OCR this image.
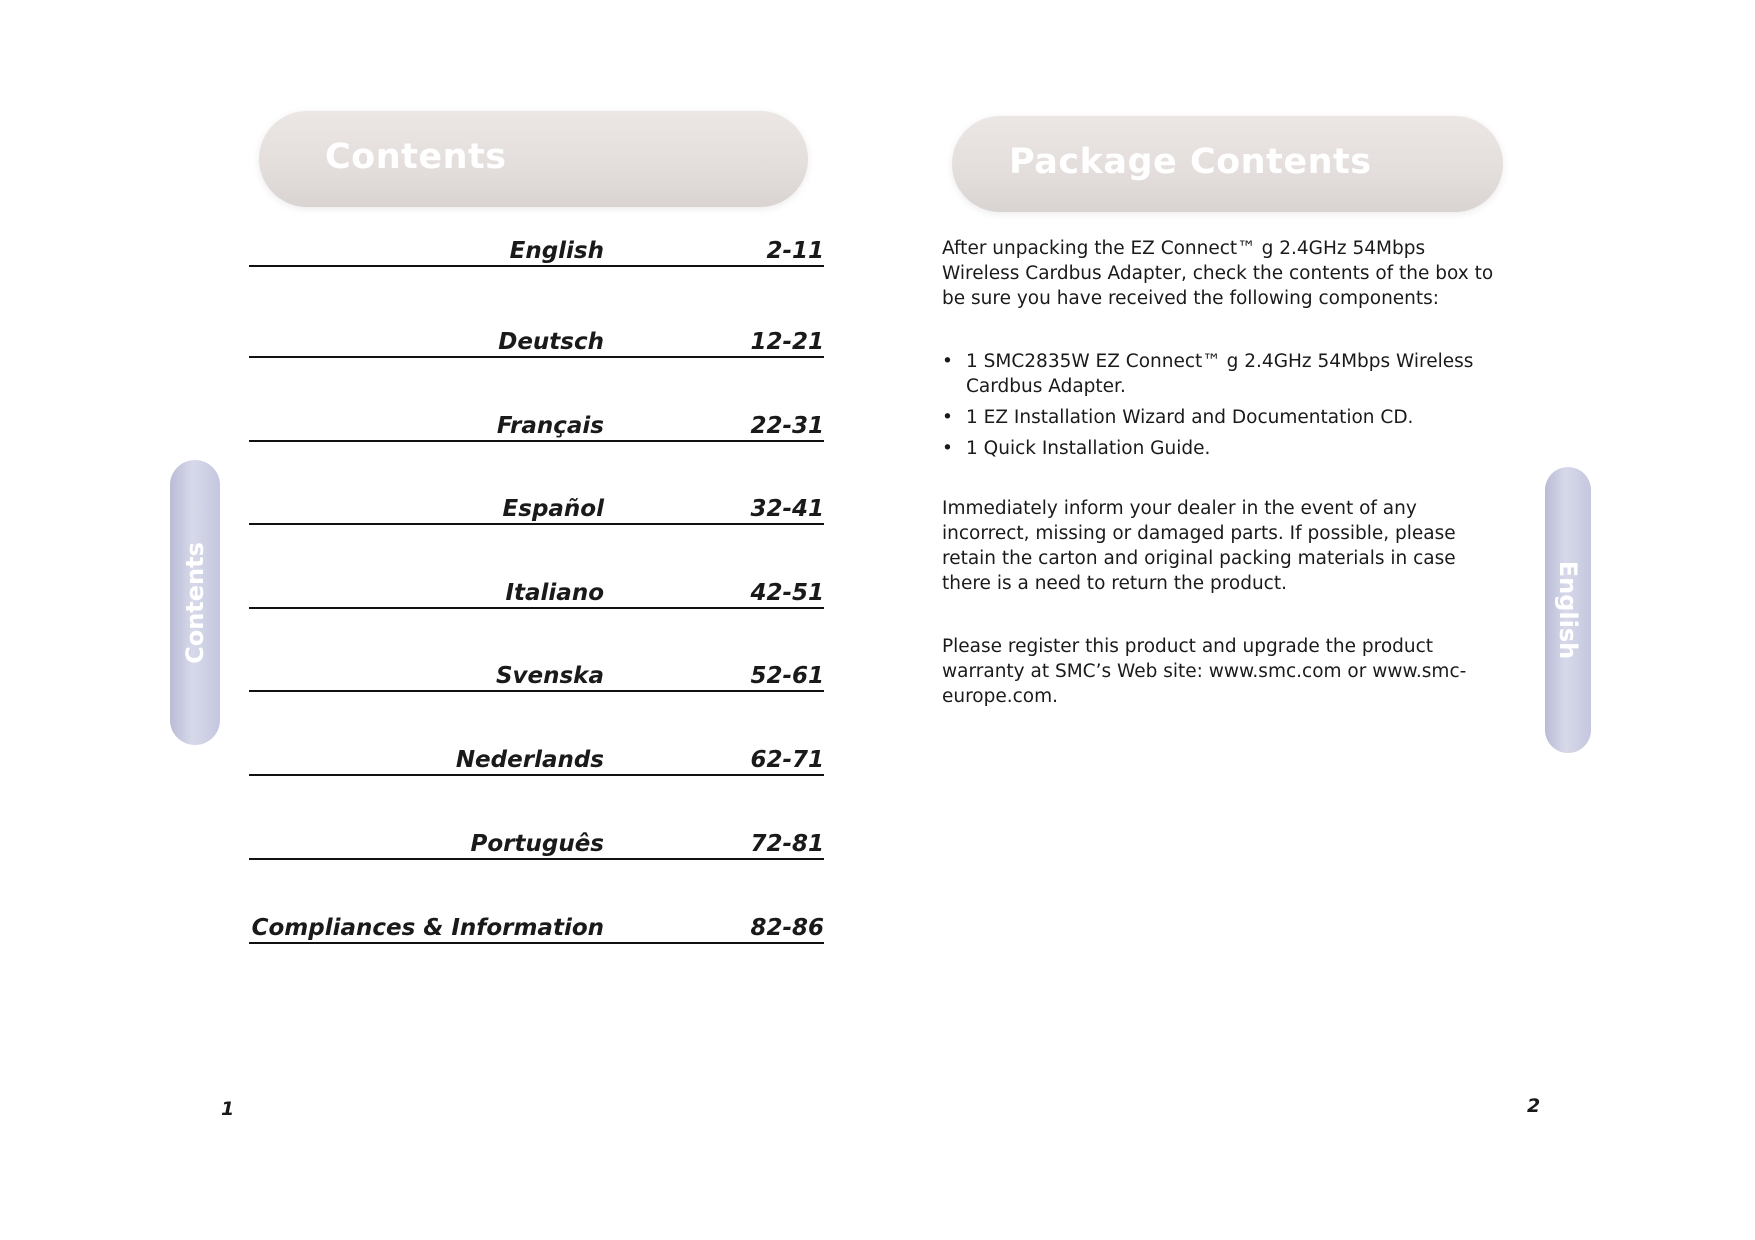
Contents
Contents
English	2-11
Deutsch	12-21
Français	22-31
Español	32-41
Italiano	42-51
Svenska	52-61
Nederlands	62-71
Português	72-81
Compliances & Information	82-86
1
Package Contents
English
After unpacking the EZ Connect™ g 2.4GHz 54Mbps Wireless Cardbus Adapter, check the contents of the box to be sure you have received the following components:
• 1 SMC2835W EZ Connect™ g 2.4GHz 54Mbps Wireless Cardbus Adapter.
• 1 EZ Installation Wizard and Documentation CD.
• 1 Quick Installation Guide.
Immediately inform your dealer in the event of any incorrect, missing or damaged parts. If possible, please retain the carton and original packing materials in case there is a need to return the product.
Please register this product and upgrade the product warranty at SMC’s Web site: www.smc.com or www.smc-europe.com.
2
